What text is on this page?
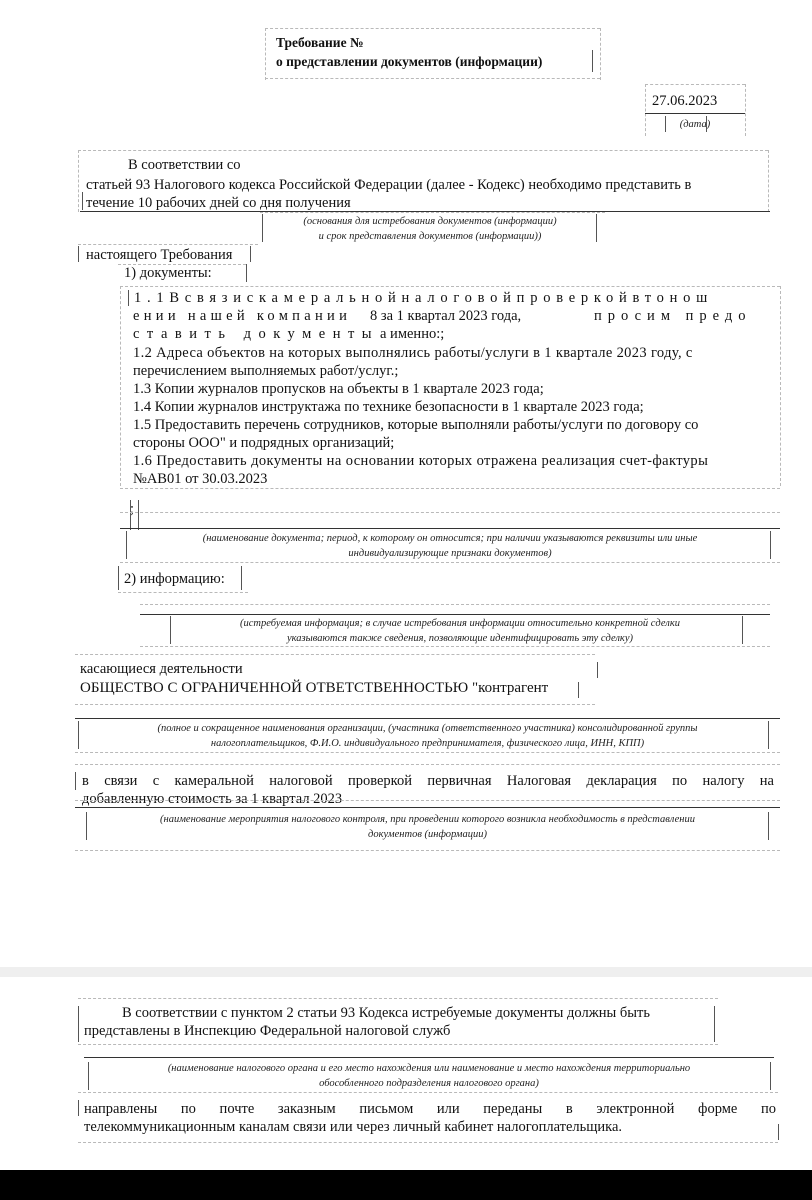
Требование №
о представлении документов (информации)
27.06.2023
(дата)
В соответствии со
статьей 93 Налогового кодекса Российской Федерации (далее - Кодекс) необходимо представить в
течение 10 рабочих дней со дня получения
(основания для истребования документов (информации)
и срок представления документов (информации))
настоящего Требования
1) документы:
1.1Всвязискамеральнойналоговойпроверкойвтонош
ении нашей компании 8 за 1 квартал 2023 года,	просим предо
ставить документы а именно:;
1.2 Адреса объектов на которых выполнялись работы/услуги в 1 квартале 2023 году, с
перечислением выполняемых работ/услуг.;
1.3 Копии журналов пропусков на объекты в 1 квартале 2023 года;
1.4 Копии журналов инструктажа по технике безопасности в 1 квартале 2023 года;
1.5 Предоставить перечень сотрудников, которые выполняли работы/услуги по договору со
стороны ООО" и подрядных организаций;
1.6 Предоставить документы на основании которых отражена реализация счет-фактуры
№АВ01 от 30.03.2023
;
(наименование документа; период, к которому он относится; при наличии указываются реквизиты или иные
индивидуализирующие признаки документов)
2) информацию:
(истребуемая информация; в случае истребования информации относительно конкретной сделки
указываются также сведения, позволяющие идентифицировать эту сделку)
касающиеся деятельности
ОБЩЕСТВО С ОГРАНИЧЕННОЙ ОТВЕТСТВЕННОСТЬЮ "контрагент
(полное и сокращенное наименования организации, (участника (ответственного участника) консолидированной группы
налогоплательщиков, Ф.И.О. индивидуального предпринимателя, физического лица, ИНН, КПП)
в связи с камеральной налоговой проверкой первичная Налоговая декларация по налогу на
добавленную стоимость за 1 квартал 2023
(наименование мероприятия налогового контроля, при проведении которого возникла необходимость в представлении
документов (информации)
В соответствии с пунктом 2 статьи 93 Кодекса истребуемые документы должны быть
представлены в Инспекцию Федеральной налоговой служб
(наименование налогового органа и его место нахождения или наименование и место нахождения территориально
обособленного подразделения налогового органа)
направлены по почте заказным письмом или переданы в электронной форме по
телекоммуникационным каналам связи или через личный кабинет налогоплательщика.
